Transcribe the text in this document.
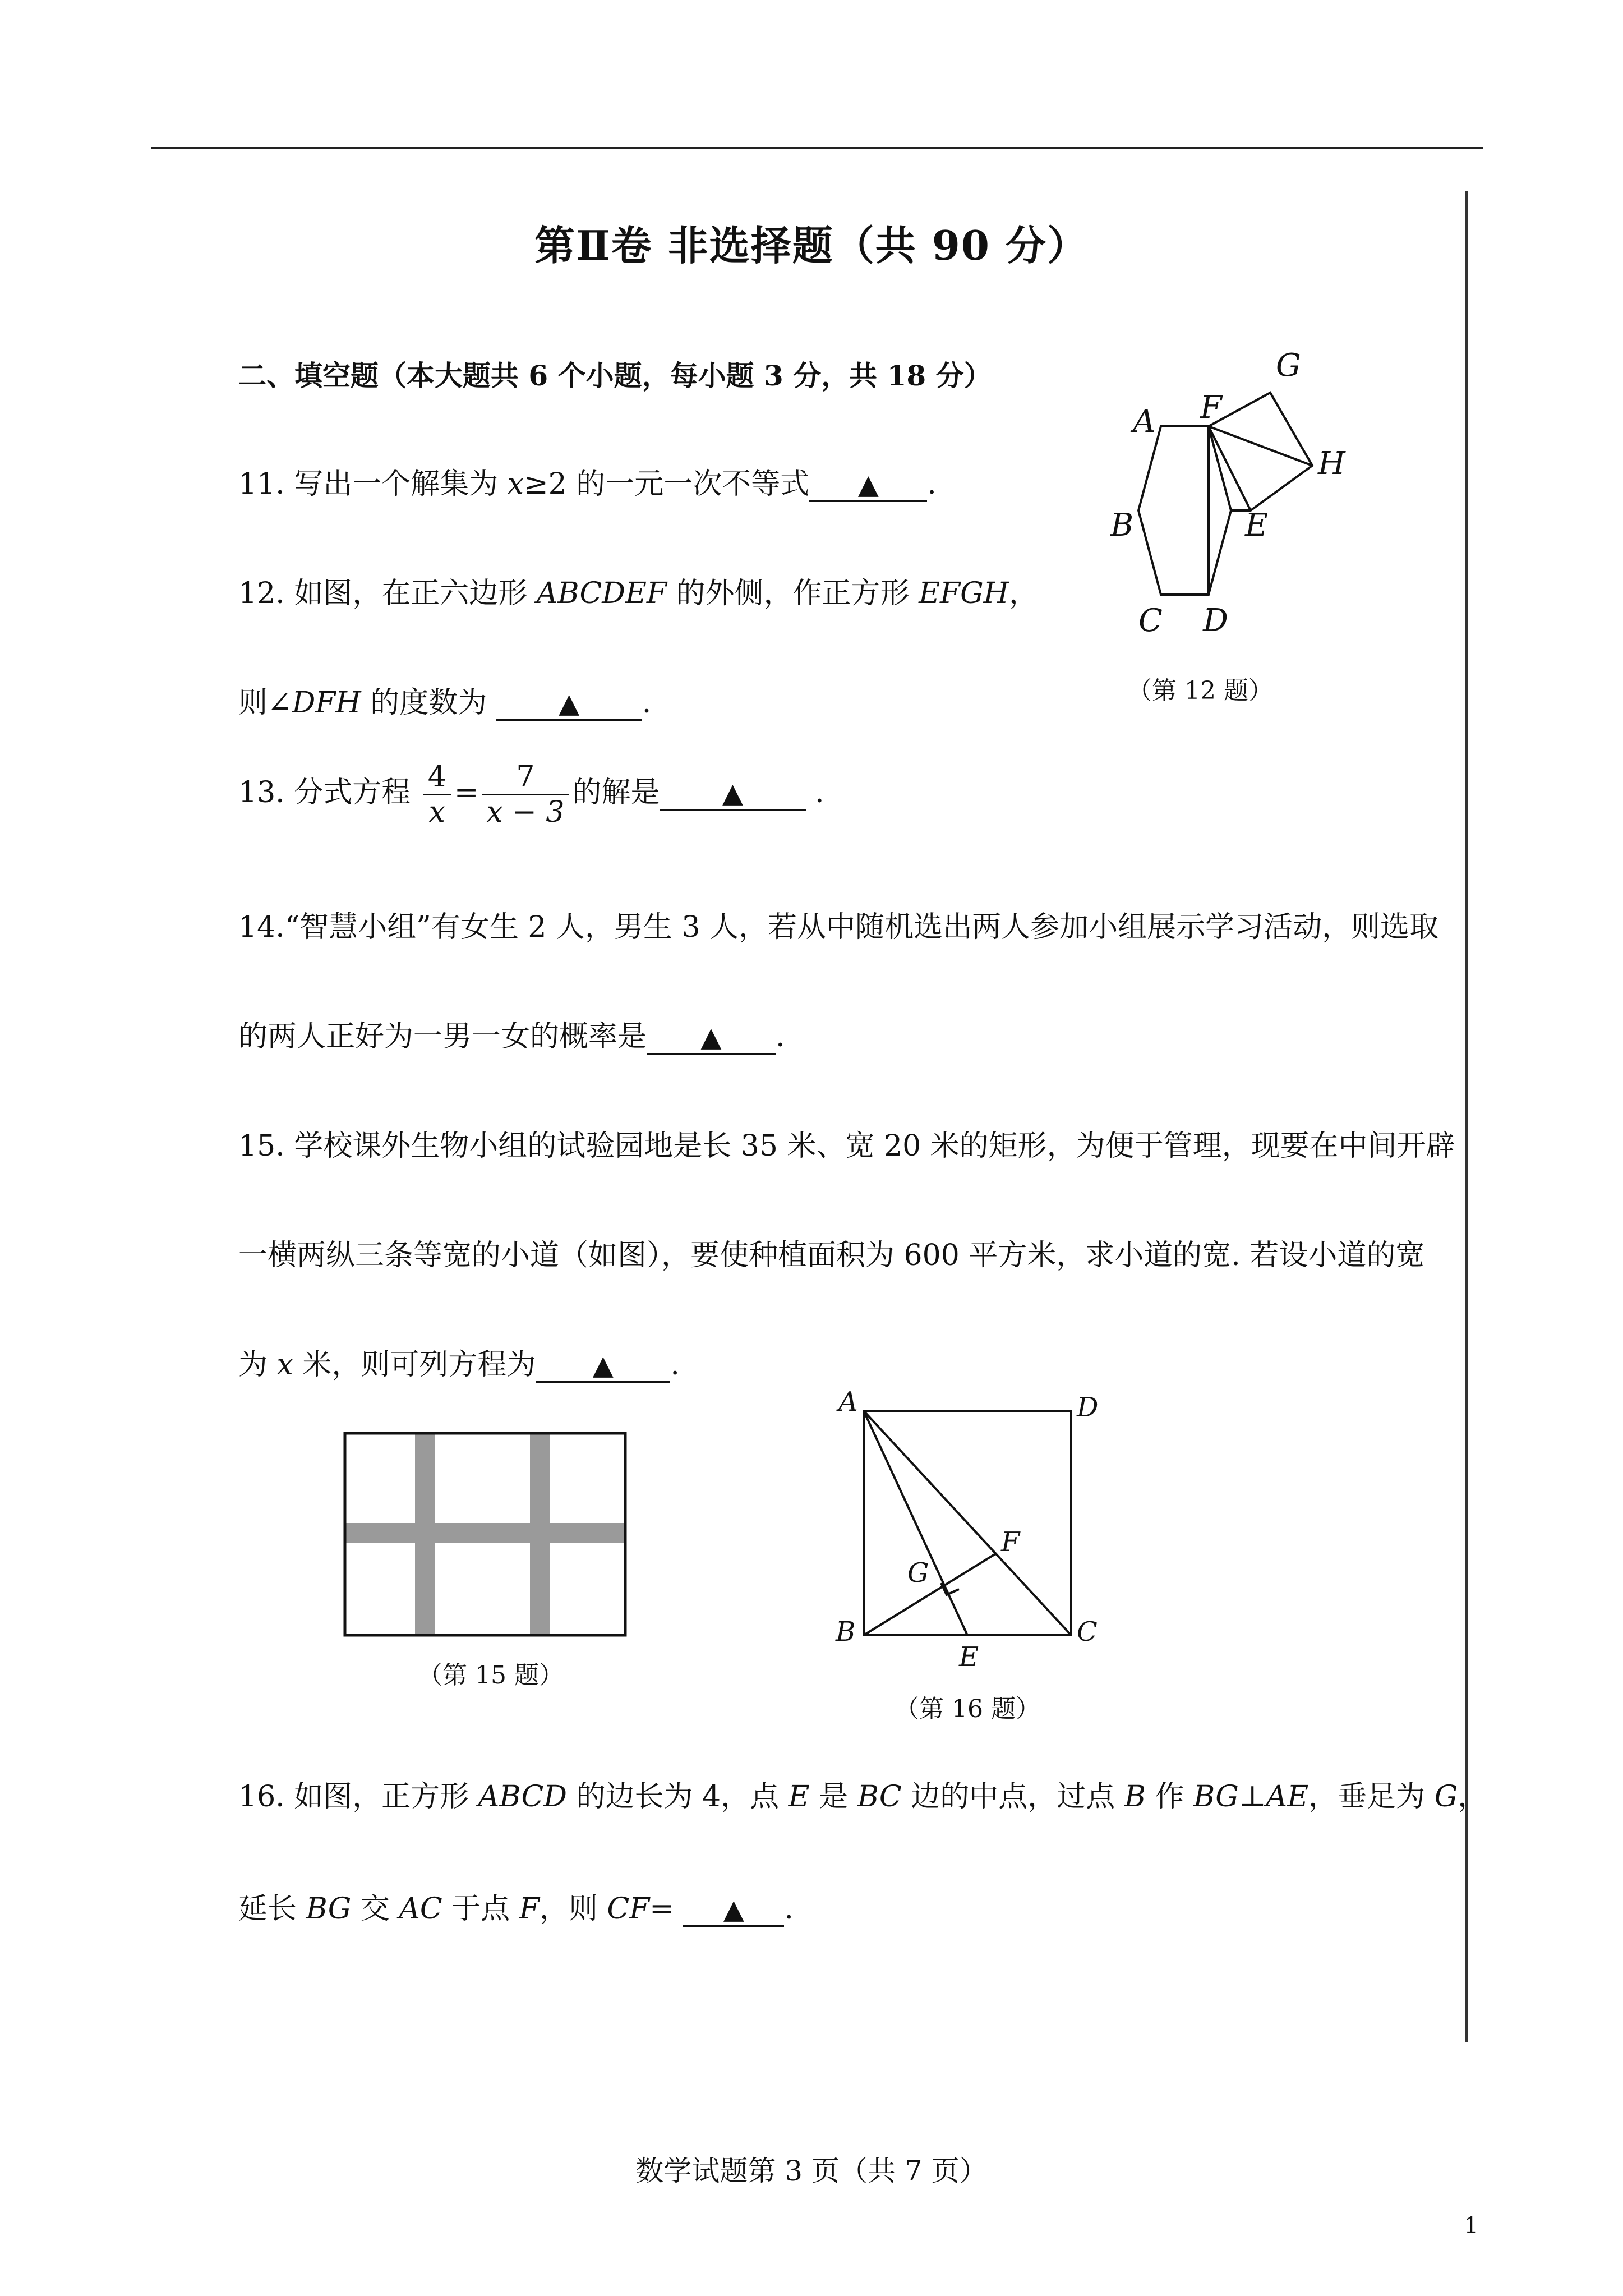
第Ⅱ卷 非选择题（共 90 分）
二、填空题（本大题共 6 个小题，每小题 3 分，共 18 分）
11. 写出一个解集为 x≥2 的一元一次不等式 ▲ .
12. 如图，在正六边形 ABCDEF 的外侧，作正方形 EFGH，
则∠DFH 的度数为	▲ .
A
B
C D
E
F
G
H
（第 12 题）
13. 分式方程 $\frac{4}{x} = \frac{7}{x - 3}$ 的解是 ▲ .
14.“智慧小组”有女生 2 人，男生 3 人，若从中随机选出两人参加小组展示学习活动，则选取
的两人正好为一男一女的概率是 ▲ .
15. 学校课外生物小组的试验园地是长 35 米、宽 20 米的矩形，为便于管理，现要在中间开辟
一横两纵三条等宽的小道（如图），要使种植面积为 600 平方米，求小道的宽. 若设小道的宽
为 x 米，则可列方程为 ▲ .
（第 15 题）
A	D
B	C
E
F
G
（第 16 题）
16. 如图，正方形 ABCD 的边长为 4，点 E 是 BC 边的中点，过点 B 作 BG⊥AE，垂足为 G，
延长 BG 交 AC 于点 F，则 CF= ▲ .
数学试题第 3 页（共 7 页）
1
